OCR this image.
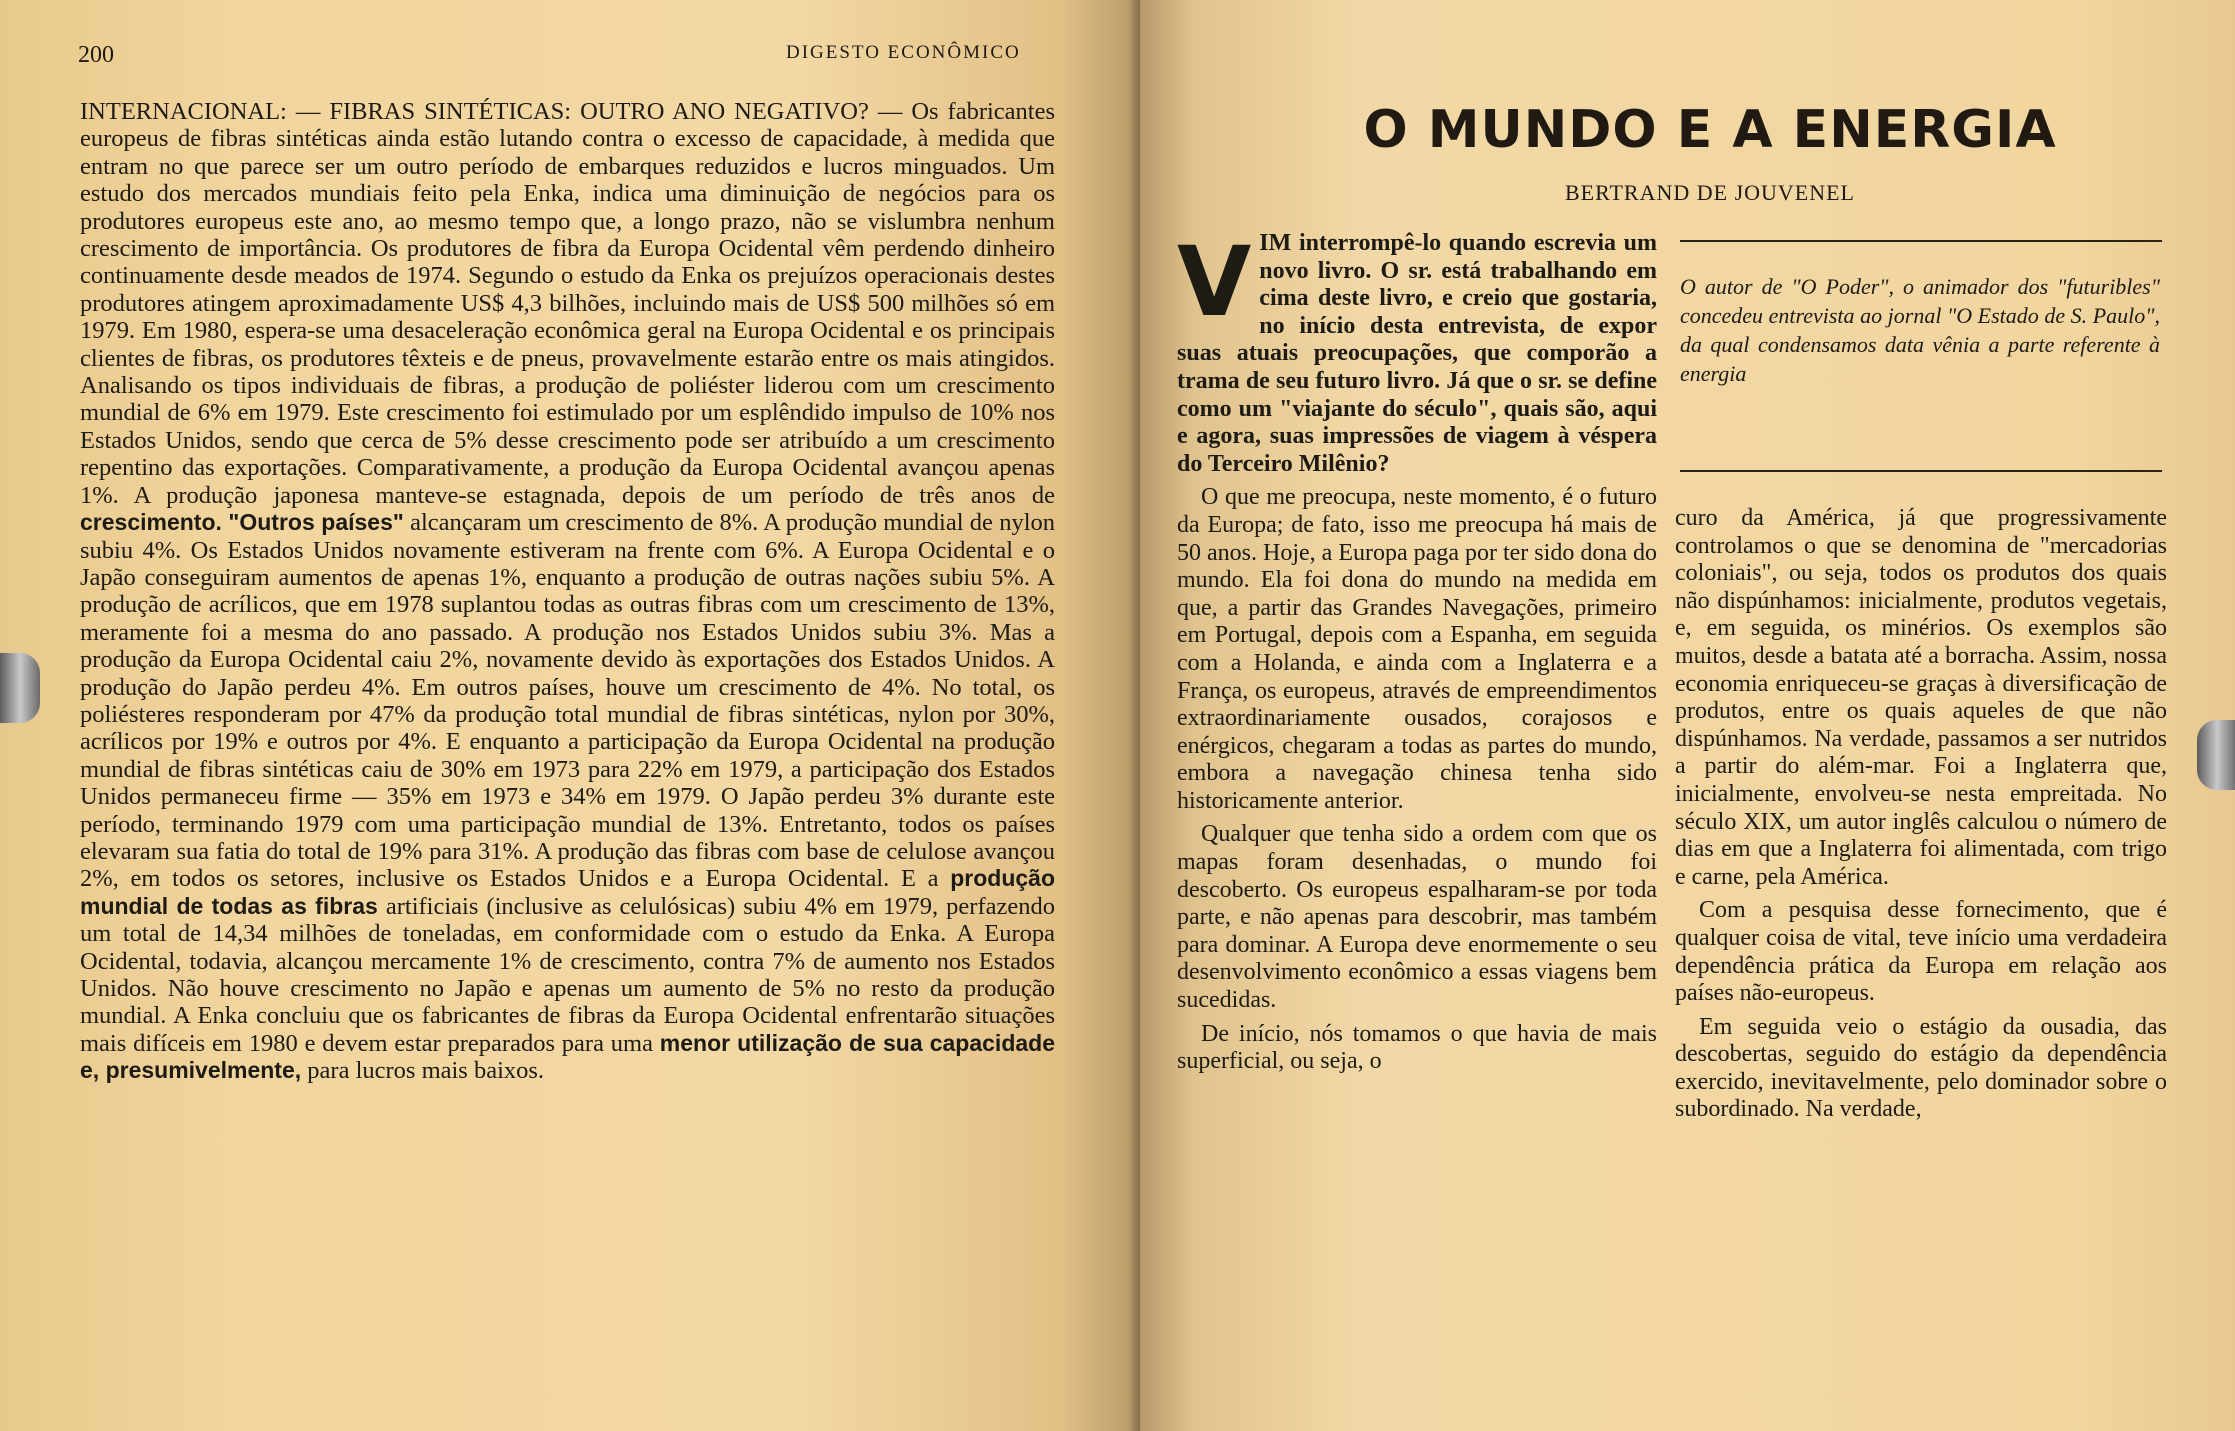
200	DIGESTO ECONÔMICO
INTERNACIONAL: — FIBRAS SINTÉTICAS: OUTRO ANO NEGATIVO? — Os fabricantes europeus de fibras sintéticas ainda estão lutando contra o excesso de capacidade, à medida que entram no que parece ser um outro período de embarques reduzidos e lucros minguados. Um estudo dos mercados mundiais feito pela Enka, indica uma diminuição de negócios para os produtores europeus este ano, ao mesmo tempo que, a longo prazo, não se vislumbra nenhum crescimento de importância. Os produtores de fibra da Europa Ocidental vêm perdendo dinheiro continuamente desde meados de 1974. Segundo o estudo da Enka os prejuízos operacionais destes produtores atingem aproximadamente US$ 4,3 bilhões, incluindo mais de US$ 500 milhões só em 1979. Em 1980, espera-se uma desaceleração econômica geral na Europa Ocidental e os principais clientes de fibras, os produtores têxteis e de pneus, provavelmente estarão entre os mais atingidos. Analisando os tipos individuais de fibras, a produção de poliéster liderou com um crescimento mundial de 6% em 1979. Este crescimento foi estimulado por um esplêndido impulso de 10% nos Estados Unidos, sendo que cerca de 5% desse crescimento pode ser atribuído a um crescimento repentino das exportações. Comparativamente, a produção da Europa Ocidental avançou apenas 1%. A produção japonesa manteve-se estagnada, depois de um período de três anos de crescimento. "Outros países" alcançaram um crescimento de 8%. A produção mundial de nylon subiu 4%. Os Estados Unidos novamente estiveram na frente com 6%. A Europa Ocidental e o Japão conseguiram aumentos de apenas 1%, enquanto a produção de outras nações subiu 5%. A produção de acrílicos, que em 1978 suplantou todas as outras fibras com um crescimento de 13%, meramente foi a mesma do ano passado. A produção nos Estados Unidos subiu 3%. Mas a produção da Europa Ocidental caiu 2%, novamente devido às exportações dos Estados Unidos. A produção do Japão perdeu 4%. Em outros países, houve um crescimento de 4%. No total, os poliésteres responderam por 47% da produção total mundial de fibras sintéticas, nylon por 30%, acrílicos por 19% e outros por 4%. E enquanto a participação da Europa Ocidental na produção mundial de fibras sintéticas caiu de 30% em 1973 para 22% em 1979, a participação dos Estados Unidos permaneceu firme — 35% em 1973 e 34% em 1979. O Japão perdeu 3% durante este período, terminando 1979 com uma participação mundial de 13%. Entretanto, todos os países elevaram sua fatia do total de 19% para 31%. A produção das fibras com base de celulose avançou 2%, em todos os setores, inclusive os Estados Unidos e a Europa Ocidental. E a produção mundial de todas as fibras artificiais (inclusive as celulósicas) subiu 4% em 1979, perfazendo um total de 14,34 milhões de toneladas, em conformidade com o estudo da Enka. A Europa Ocidental, todavia, alcançou mercamente 1% de crescimento, contra 7% de aumento nos Estados Unidos. Não houve crescimento no Japão e apenas um aumento de 5% no resto da produção mundial. A Enka concluiu que os fabricantes de fibras da Europa Ocidental enfrentarão situações mais difíceis em 1980 e devem estar preparados para uma menor utilização de sua capacidade e, presumivelmente, para lucros mais baixos.
O MUNDO E A ENERGIA
BERTRAND DE JOUVENEL
O autor de "O Poder", o animador dos "futuribles" concedeu entrevista ao jornal "O Estado de S. Paulo", da qual condensamos data vênia a parte referente à energia

VIM interrompê-lo quando escrevia um novo livro. O sr. está trabalhando em cima deste livro, e creio que gostaria, no início desta entrevista, de expor suas atuais preocupações, que comporão a trama de seu futuro livro. Já que o sr. se define como um "viajante do século", quais são, aqui e agora, suas impressões de viagem à véspera do Terceiro Milênio?

O que me preocupa, neste momento, é o futuro da Europa; de fato, isso me preocupa há mais de 50 anos. Hoje, a Europa paga por ter sido dona do mundo. Ela foi dona do mundo na medida em que, a partir das Grandes Navegações, primeiro em Portugal, depois com a Espanha, em seguida com a Holanda, e ainda com a Inglaterra e a França, os europeus, através de empreendimentos extraordinariamente ousados, corajosos e enérgicos, chegaram a todas as partes do mundo, embora a navegação chinesa tenha sido historicamente anterior.

Qualquer que tenha sido a ordem com que os mapas foram desenhadas, o mundo foi descoberto. Os europeus espalharam-se por toda parte, e não apenas para descobrir, mas também para dominar. A Europa deve enormemente o seu desenvolvimento econômico a essas viagens bem sucedidas.

De início, nós tomamos o que havia de mais superficial, ou seja, o

curo da América, já que progressivamente controlamos o que se denomina de "mercadorias coloniais", ou seja, todos os produtos dos quais não dispúnhamos: inicialmente, produtos vegetais, e, em seguida, os minérios. Os exemplos são muitos, desde a batata até a borracha. Assim, nossa economia enriqueceu-se graças à diversificação de produtos, entre os quais aqueles de que não dispúnhamos. Na verdade, passamos a ser nutridos a partir do além-mar. Foi a Inglaterra que, inicialmente, envolveu-se nesta empreitada. No século XIX, um autor inglês calculou o número de dias em que a Inglaterra foi alimentada, com trigo e carne, pela América.

Com a pesquisa desse fornecimento, que é qualquer coisa de vital, teve início uma verdadeira dependência prática da Europa em relação aos países não-europeus.

Em seguida veio o estágio da ousadia, das descobertas, seguido do estágio da dependência exercido, inevitavelmente, pelo dominador sobre o subordinado. Na verdade,
